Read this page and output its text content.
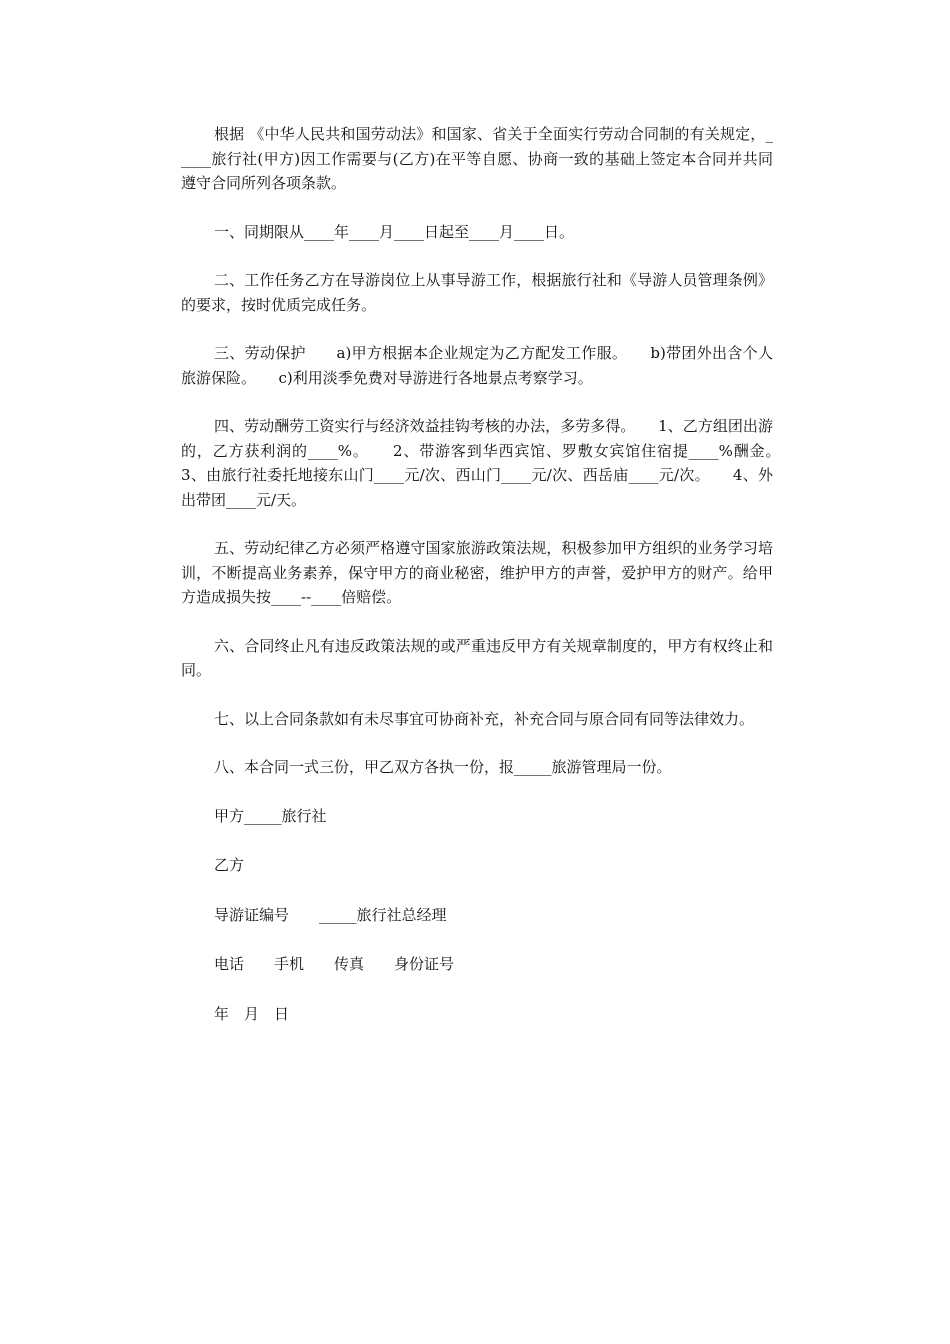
根据 《中华人民共和国劳动法》和国家、省关于全面实行劳动合同制的有关规定，_____旅行社(甲方)因工作需要与(乙方)在平等自愿、协商一致的基础上签定本合同并共同遵守合同所列各项条款。

一、同期限从____年____月____日起至____月____日。

二、工作任务乙方在导游岗位上从事导游工作，根据旅行社和《导游人员管理条例》的要求，按时优质完成任务。

三、劳动保护　　a)甲方根据本企业规定为乙方配发工作服。　　b)带团外出含个人旅游保险。　　c)利用淡季免费对导游进行各地景点考察学习。

四、劳动酬劳工资实行与经济效益挂钩考核的办法，多劳多得。　　1、乙方组团出游的，乙方获利润的____%。　　2、带游客到华西宾馆、罗敷女宾馆住宿提____%酬金。　　3、由旅行社委托地接东山门____元/次、西山门____元/次、西岳庙____元/次。　　4、外出带团____元/天。

五、劳动纪律乙方必须严格遵守国家旅游政策法规，积极参加甲方组织的业务学习培训，不断提高业务素养，保守甲方的商业秘密，维护甲方的声誉，爱护甲方的财产。给甲方造成损失按____--____倍赔偿。

六、合同终止凡有违反政策法规的或严重违反甲方有关规章制度的，甲方有权终止和同。

七、以上合同条款如有未尽事宜可协商补充，补充合同与原合同有同等法律效力。

八、本合同一式三份，甲乙双方各执一份，报_____旅游管理局一份。

甲方_____旅行社
乙方
导游证编号　　_____旅行社总经理
电话　　手机　　传真　　身份证号
年　月　日
